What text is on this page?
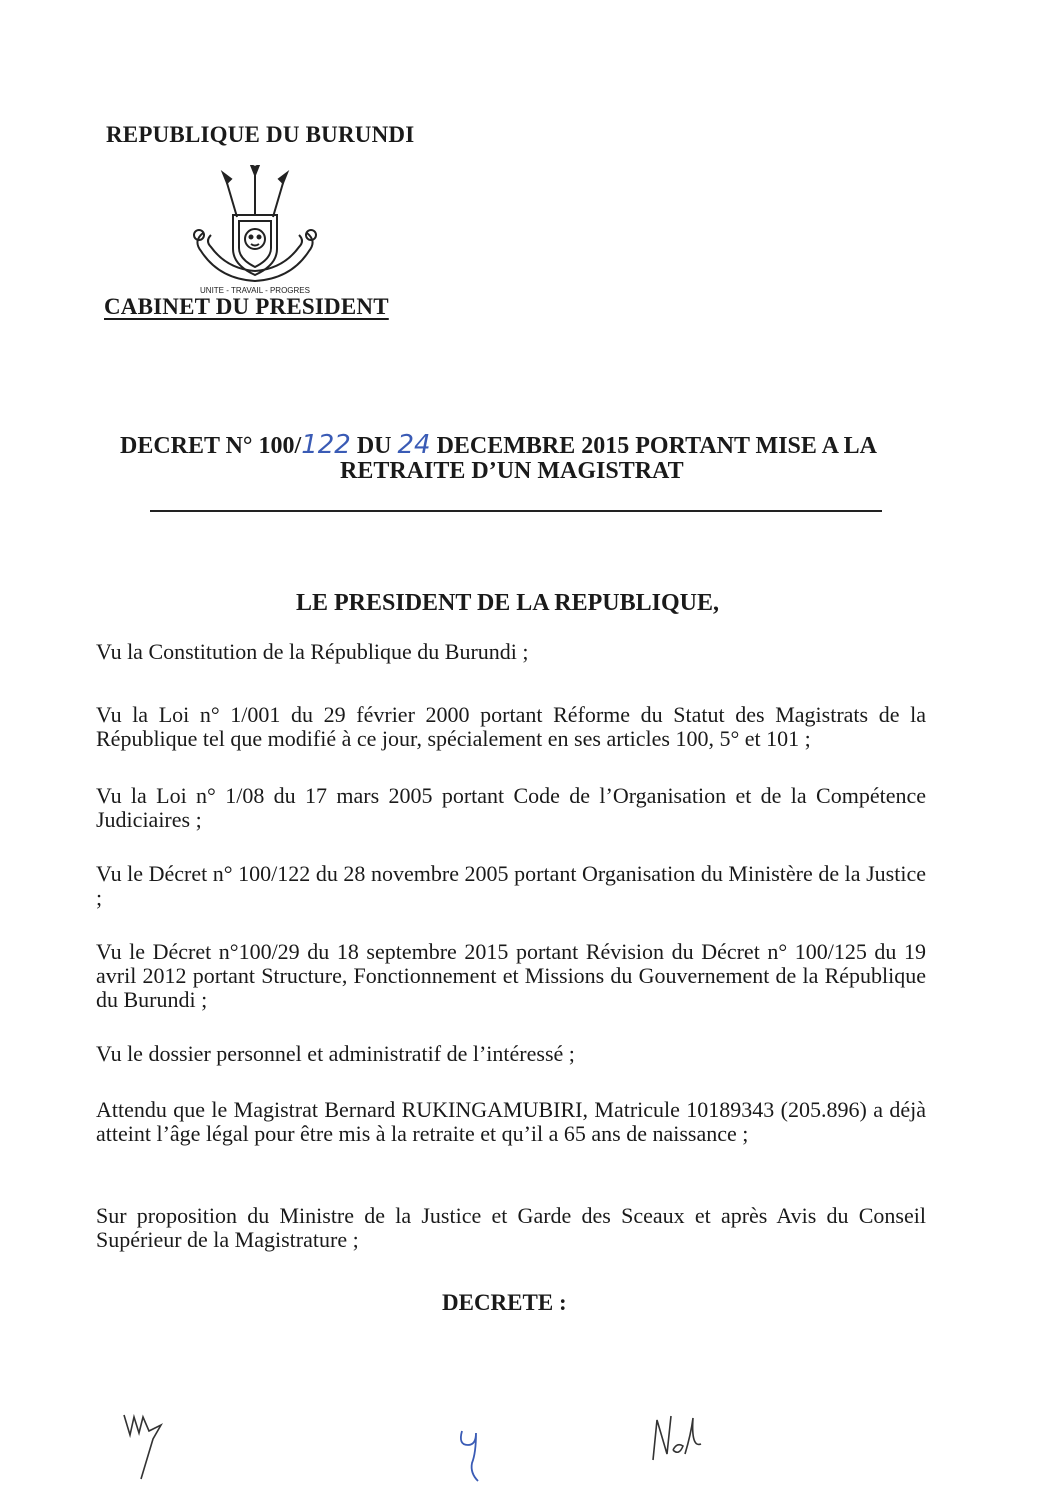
REPUBLIQUE DU BURUNDI
UNITE - TRAVAIL - PROGRES
CABINET DU PRESIDENT
DECRET N° 100/122 DU 24 DECEMBRE 2015 PORTANT MISE A LA
RETRAITE D’UN MAGISTRAT
LE PRESIDENT DE LA REPUBLIQUE,

Vu la Constitution de la République du Burundi ;

Vu la Loi n° 1/001 du 29 février 2000 portant Réforme du Statut des Magistrats de la République tel que modifié à ce jour, spécialement en ses articles 100, 5° et 101 ;

Vu la Loi n° 1/08 du 17 mars 2005 portant Code de l’Organisation et de la Compétence Judiciaires ;

Vu le Décret n° 100/122 du 28 novembre 2005 portant Organisation du Ministère de la Justice ;

Vu le Décret n°100/29 du 18 septembre 2015 portant Révision du Décret n° 100/125 du 19 avril 2012 portant Structure, Fonctionnement et Missions du Gouvernement de la République du Burundi ;

Vu le dossier personnel et administratif de l’intéressé ;

Attendu que le Magistrat Bernard RUKINGAMUBIRI, Matricule 10189343 (205.896) a déjà atteint l’âge légal pour être mis à la retraite et qu’il a 65 ans de naissance ;

Sur proposition du Ministre de la Justice et Garde des Sceaux et après Avis du Conseil Supérieur de la Magistrature ;

DECRETE :
